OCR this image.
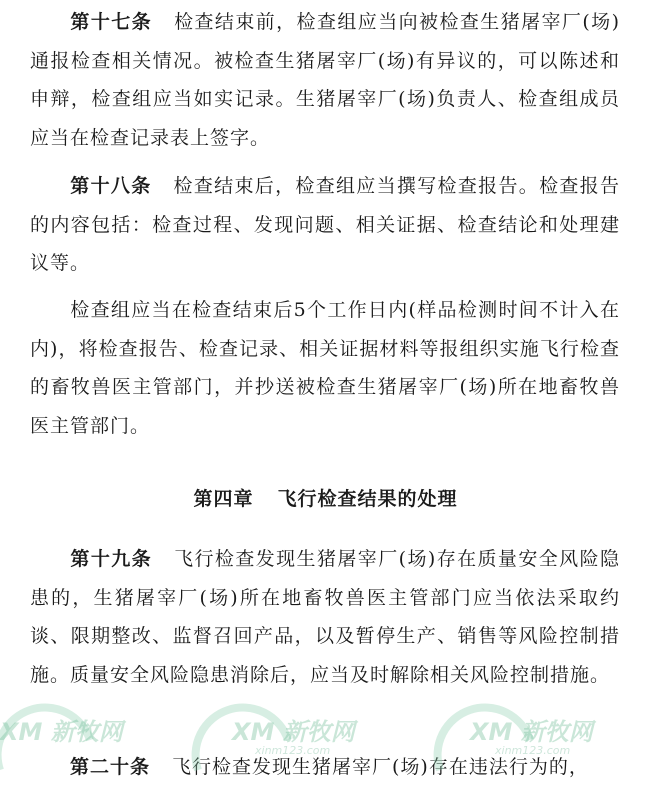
第十七条 检查结束前，检查组应当向被检查生猪屠宰厂(场)通报检查相关情况。被检查生猪屠宰厂(场)有异议的，可以陈述和申辩，检查组应当如实记录。生猪屠宰厂(场)负责人、检查组成员应当在检查记录表上签字。

第十八条 检查结束后，检查组应当撰写检查报告。检查报告的内容包括：检查过程、发现问题、相关证据、检查结论和处理建议等。

检查组应当在检查结束后5个工作日内(样品检测时间不计入在内)，将检查报告、检查记录、相关证据材料等报组织实施飞行检查的畜牧兽医主管部门，并抄送被检查生猪屠宰厂(场)所在地畜牧兽医主管部门。

第四章 飞行检查结果的处理

第十九条 飞行检查发现生猪屠宰厂(场)存在质量安全风险隐患的，生猪屠宰厂(场)所在地畜牧兽医主管部门应当依法采取约谈、限期整改、监督召回产品，以及暂停生产、销售等风险控制措施。质量安全风险隐患消除后，应当及时解除相关风险控制措施。

第二十条 飞行检查发现生猪屠宰厂(场)存在违法行为的，

XM 新牧网	XM 新牧网	XM 新牧网
xinm123.com	xinm123.com
